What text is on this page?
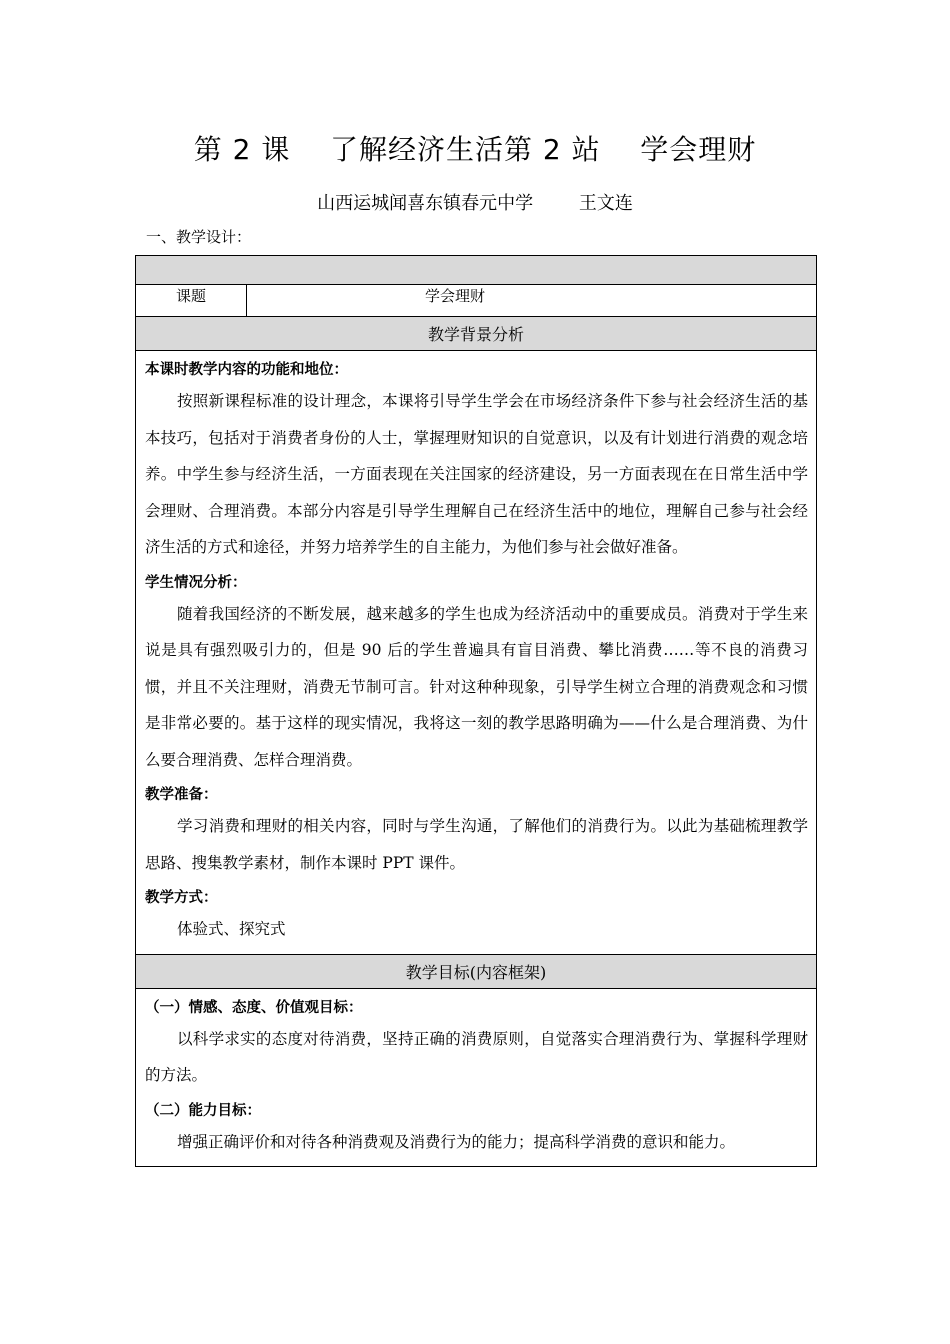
第 2 课    了解经济生活第 2 站    学会理财
山西运城闻喜东镇春元中学        王文连
一、教学设计：

课题	学会理财
教学背景分析

本课时教学内容的功能和地位：

按照新课程标准的设计理念，本课将引导学生学会在市场经济条件下参与社会经济生活的基本技巧，包括对于消费者身份的人士，掌握理财知识的自觉意识，以及有计划进行消费的观念培养。中学生参与经济生活，一方面表现在关注国家的经济建设，另一方面表现在在日常生活中学会理财、合理消费。本部分内容是引导学生理解自己在经济生活中的地位，理解自己参与社会经济生活的方式和途径，并努力培养学生的自主能力，为他们参与社会做好准备。

学生情况分析：

随着我国经济的不断发展，越来越多的学生也成为经济活动中的重要成员。消费对于学生来说是具有强烈吸引力的，但是 90 后的学生普遍具有盲目消费、攀比消费……等不良的消费习惯，并且不关注理财，消费无节制可言。针对这种种现象，引导学生树立合理的消费观念和习惯是非常必要的。基于这样的现实情况，我将这一刻的教学思路明确为——什么是合理消费、为什么要合理消费、怎样合理消费。

教学准备：

学习消费和理财的相关内容，同时与学生沟通，了解他们的消费行为。以此为基础梳理教学思路、搜集教学素材，制作本课时 PPT 课件。

教学方式：

体验式、探究式

教学目标(内容框架)

（一）情感、态度、价值观目标：

以科学求实的态度对待消费，坚持正确的消费原则，自觉落实合理消费行为、掌握科学理财的方法。

（二）能力目标：

增强正确评价和对待各种消费观及消费行为的能力；提高科学消费的意识和能力。
